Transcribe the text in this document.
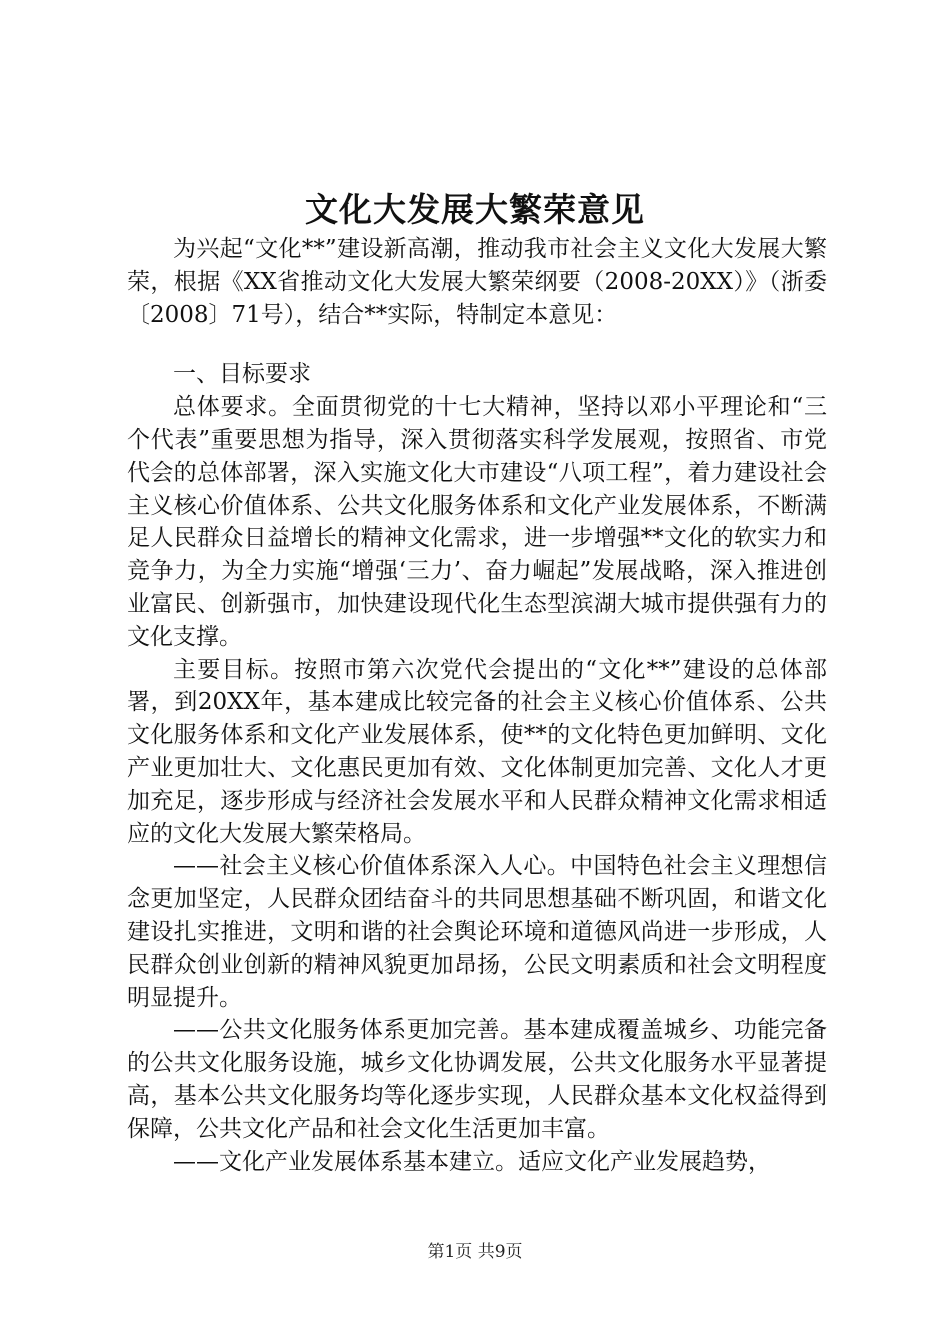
文化大发展大繁荣意见

为兴起“文化**”建设新高潮，推动我市社会主义文化大发展大繁荣，根据《XX省推动文化大发展大繁荣纲要（2008-20XX）》（浙委〔2008〕71号），结合**实际，特制定本意见：

一、目标要求

总体要求。全面贯彻党的十七大精神，坚持以邓小平理论和“三个代表”重要思想为指导，深入贯彻落实科学发展观，按照省、市党代会的总体部署，深入实施文化大市建设“八项工程”，着力建设社会主义核心价值体系、公共文化服务体系和文化产业发展体系，不断满足人民群众日益增长的精神文化需求，进一步增强**文化的软实力和竞争力，为全力实施“增强‘三力’、奋力崛起”发展战略，深入推进创业富民、创新强市，加快建设现代化生态型滨湖大城市提供强有力的文化支撑。

主要目标。按照市第六次党代会提出的“文化**”建设的总体部署，到20XX年，基本建成比较完备的社会主义核心价值体系、公共文化服务体系和文化产业发展体系，使**的文化特色更加鲜明、文化产业更加壮大、文化惠民更加有效、文化体制更加完善、文化人才更加充足，逐步形成与经济社会发展水平和人民群众精神文化需求相适应的文化大发展大繁荣格局。

——社会主义核心价值体系深入人心。中国特色社会主义理想信念更加坚定，人民群众团结奋斗的共同思想基础不断巩固，和谐文化建设扎实推进，文明和谐的社会舆论环境和道德风尚进一步形成，人民群众创业创新的精神风貌更加昂扬，公民文明素质和社会文明程度明显提升。

——公共文化服务体系更加完善。基本建成覆盖城乡、功能完备的公共文化服务设施，城乡文化协调发展，公共文化服务水平显著提高，基本公共文化服务均等化逐步实现，人民群众基本文化权益得到保障，公共文化产品和社会文化生活更加丰富。

——文化产业发展体系基本建立。适应文化产业发展趋势，

第1页 共9页
